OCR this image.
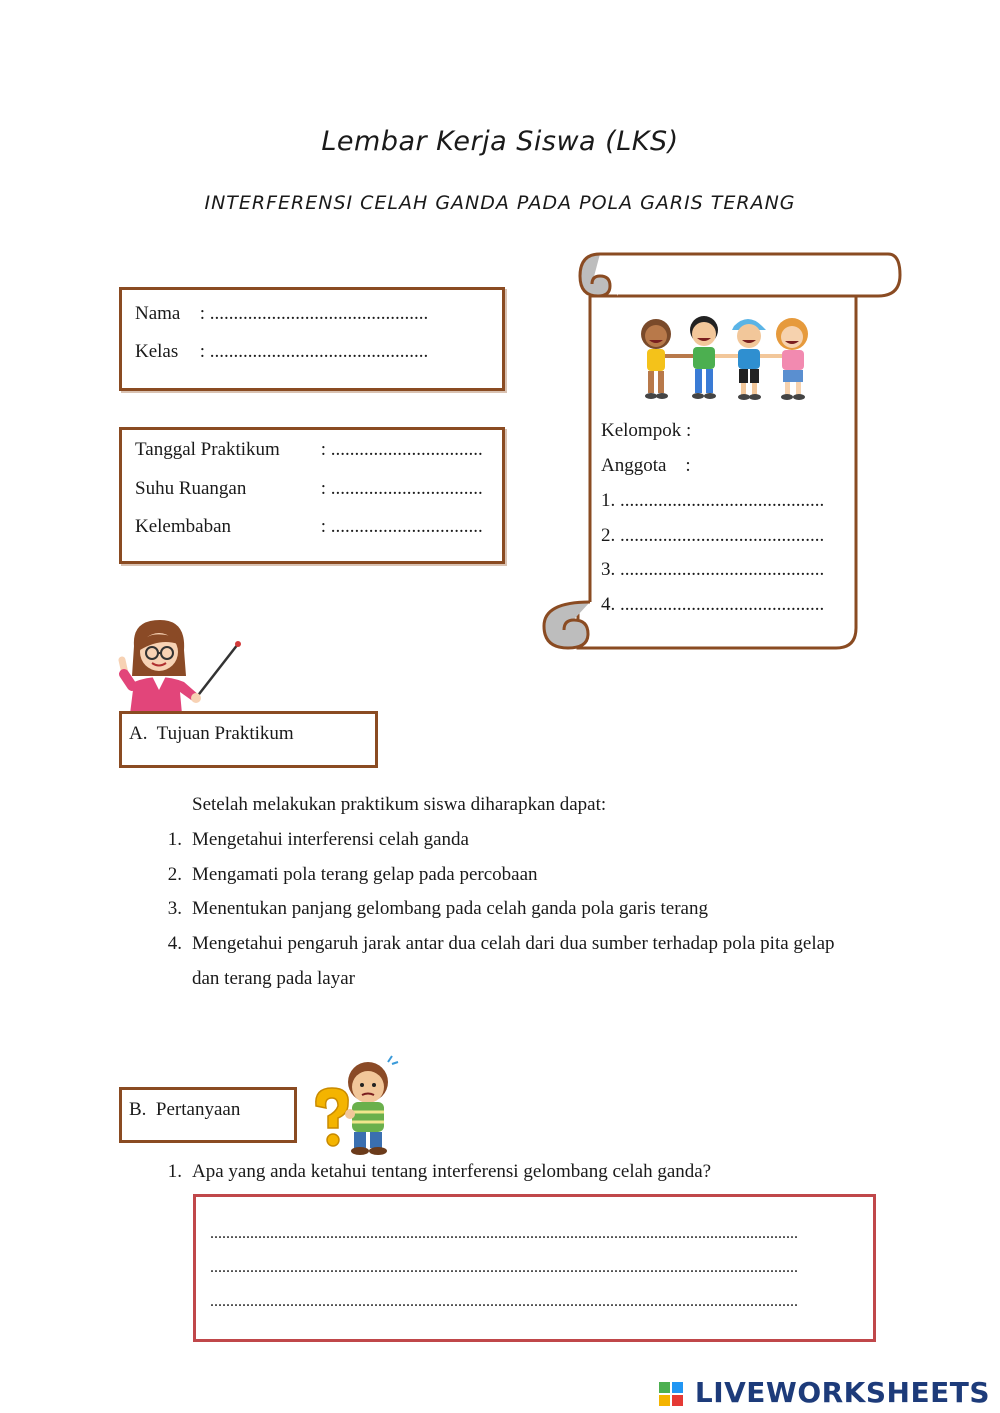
Lembar Kerja Siswa (LKS)
INTERFERENSI CELAH GANDA PADA POLA GARIS TERANG
Nama : ..............................................
Kelas : ..............................................
Tanggal Praktikum : ................................
Suhu Ruangan	: ................................
Kelembaban	: ................................
Kelompok :
Anggota    :
1. ...........................................
2. ...........................................
3. ...........................................
4. ...........................................
A.  Tujuan Praktikum
Setelah melakukan praktikum siswa diharapkan dapat:
1. Mengetahui interferensi celah ganda
2. Mengamati pola terang gelap pada percobaan
3. Menentukan panjang gelombang pada celah ganda pola garis terang
4. Mengetahui pengaruh jarak antar dua celah dari dua sumber terhadap pola pita gelap
dan terang pada layar
B.  Pertanyaan
1. Apa yang anda ketahui tentang interferensi gelombang celah ganda?
...................................................................................................................................................
...................................................................................................................................................
...................................................................................................................................................
LIVEWORKSHEETS
